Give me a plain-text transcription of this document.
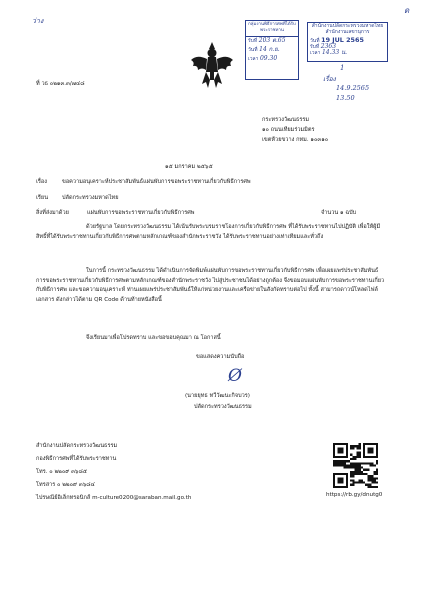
ว่าง
ด
กลุ่มงานพิธีการศพที่ได้รับ
พระราชทาน
รับที่ 203 ต.65
วันที่ 14 ก.ย.
เวลา 09.30
สำนักงานปลัดกระทรวงมหาดไทย
สำนักงานเลขานุการ
วันที่ 19 JUL 2565
รับที่ 2363
เวลา 14.33 น.
1
เรื่อง
14.9.2565
13.50
ที่ วธ ๐๒๑๓.๓/๗๔๘
กระทรวงวัฒนธรรม
๑๐ ถนนเทียมร่วมมิตร
เขตห้วยขวาง กทม. ๑๐๓๑๐
๑๕ มกราคม ๒๕๖๕
เรื่อง	ขอความอนุเคราะห์ประชาสัมพันธ์แผ่นพับการขอพระราชทานเกี่ยวกับพิธีการศพ
เรียน ปลัดกระทรวงมหาดไทย
สิ่งที่ส่งมาด้วย	แผ่นพับการขอพระราชทานเกี่ยวกับพิธีการศพ	จำนวน ๑ ฉบับ
ด้วยรัฐบาล โดยกระทรวงวัฒนธรรม ได้เน้นรับพระบรมราชโองการเกี่ยวกับพิธีการศพ ที่ได้รับพระราชทานไปปฏิบัติ เพื่อให้ผู้มีสิทธิ์ที่ได้รับพระราชทานเกี่ยวกับพิธีการศพตามหลักเกณฑ์ของสำนักพระราชวัง ได้รับพระราชทานอย่างเท่าเทียมและทั่วถึง
ในการนี้ กระทรวงวัฒนธรรม ได้ดำเนินการจัดพิมพ์แผ่นพับการขอพระราชทานเกี่ยวกับพิธีการศพ เพื่อเผยแพร่ประชาสัมพันธ์การขอพระราชทานเกี่ยวกับพิธีการศพตามหลักเกณฑ์ของสำนักพระราชวัง ไปสู่ประชาชนได้อย่างถูกต้อง จึงขอมอบแผ่นพับการขอพระราชทานเกี่ยวกับพิธีการศพ และขอความอนุเคราะห์ ท่านเผยแพร่ประชาสัมพันธ์ให้แก่หน่วยงานและเครือข่ายในสังกัดทราบต่อไป ทั้งนี้ สามารถดาวน์โหลดไฟล์เอกสาร ดังกล่าวได้ตาม QR Code ด้านท้ายหนังสือนี้
จึงเรียนมาเพื่อโปรดทราบ และขอขอบคุณมา ณ โอกาสนี้
ขอแสดงความนับถือ
Ø
(นายยุทธ ทวีวัฒนะกิจบวร)
ปลัดกระทรวงวัฒนธรรม
สำนักงานปลัดกระทรวงวัฒนธรรม
กองพิธีการศพที่ได้รับพระราชทาน
โทร. ๐ ๒๒๐๙ ๓๖๘๕
โทรสาร ๐ ๒๒๐๙ ๓๖๘๔
ไปรษณีย์อิเล็กทรอนิกส์ m-culture0200@saraban.mail.go.th	https://rb.gy/dnutg0
